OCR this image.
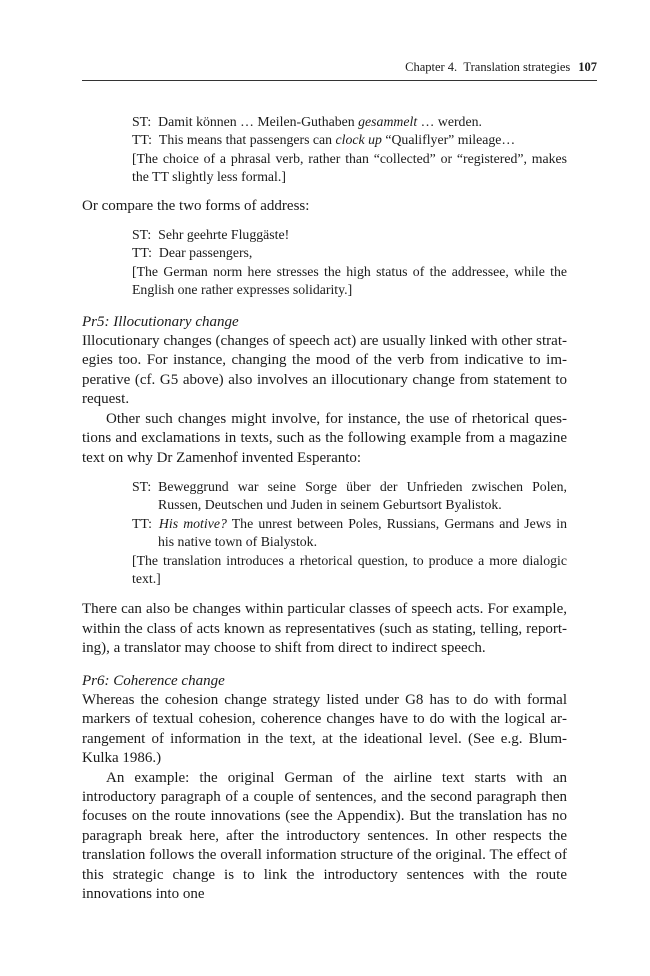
Chapter 4. Translation strategies 107

ST: Damit können … Meilen-Guthaben gesammelt … werden.

TT: This means that passengers can clock up “Qualiflyer” mileage…

[The choice of a phrasal verb, rather than “collected” or “registered”, makes the TT slightly less formal.]

Or compare the two forms of address:

ST: Sehr geehrte Fluggäste!

TT: Dear passengers,

[The German norm here stresses the high status of the addressee, while the English one rather expresses solidarity.]

Pr5: Illocutionary change

Illocutionary changes (changes of speech act) are usually linked with other strategies too. For instance, changing the mood of the verb from indicative to imperative (cf. G5 above) also involves an illocutionary change from statement to request.

Other such changes might involve, for instance, the use of rhetorical questions and exclamations in texts, such as the following example from a magazine text on why Dr Zamenhof invented Esperanto:

ST: Beweggrund war seine Sorge über der Unfrieden zwischen Polen, Russen, Deutschen und Juden in seinem Geburtsort Byalistok.

TT: His motive? The unrest between Poles, Russians, Germans and Jews in his native town of Bialystok.

[The translation introduces a rhetorical question, to produce a more dialogic text.]

There can also be changes within particular classes of speech acts. For example, within the class of acts known as representatives (such as stating, telling, reporting), a translator may choose to shift from direct to indirect speech.

Pr6: Coherence change

Whereas the cohesion change strategy listed under G8 has to do with formal markers of textual cohesion, coherence changes have to do with the logical arrangement of information in the text, at the ideational level. (See e.g. Blum-Kulka 1986.)

An example: the original German of the airline text starts with an introductory paragraph of a couple of sentences, and the second paragraph then focuses on the route innovations (see the Appendix). But the translation has no paragraph break here, after the introductory sentences. In other respects the translation follows the overall information structure of the original. The effect of this strategic change is to link the introductory sentences with the route innovations into one
